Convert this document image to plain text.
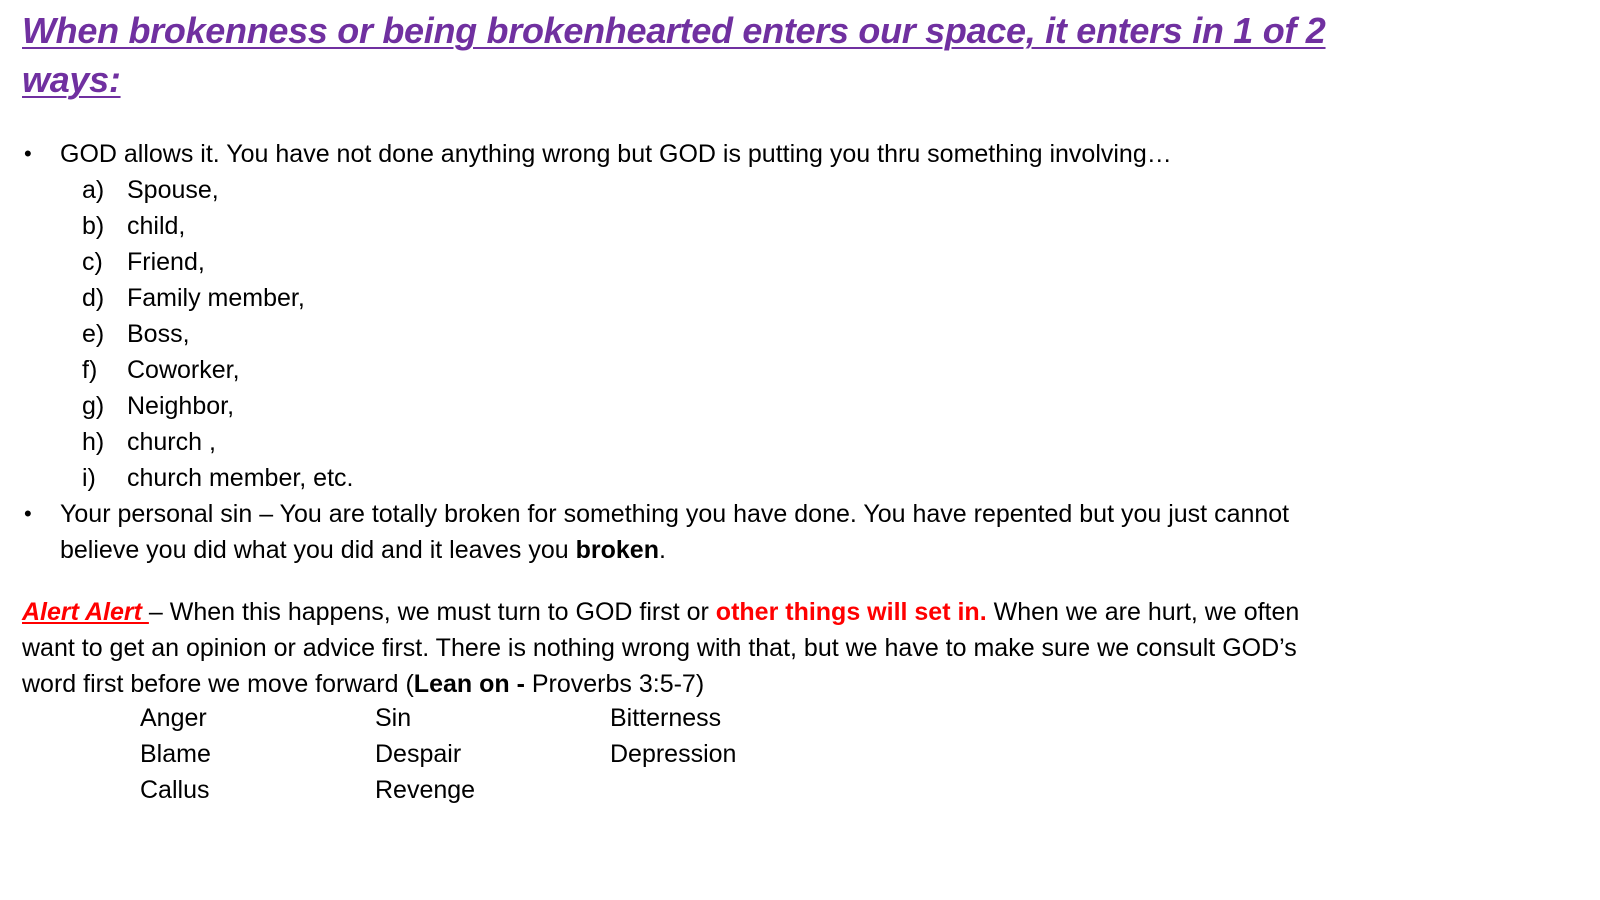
When brokenness or being brokenhearted enters our space, it enters in 1 of 2 ways:
• GOD allows it. You have not done anything wrong but GOD is putting you thru something involving…
a) Spouse,
b) child,
c) Friend,
d) Family member,
e) Boss,
f) Coworker,
g) Neighbor,
h) church ,
i) church member, etc.
• Your personal sin – You are totally broken for something you have done. You have repented but you just cannot believe you did what you did and it leaves you broken.

Alert Alert – When this happens, we must turn to GOD first or other things will set in. When we are hurt, we often want to get an opinion or advice first. There is nothing wrong with that, but we have to make sure we consult GOD’s word first before we move forward (Lean on - Proverbs 3:5-7)

Anger	Sin	Bitterness
Blame	Despair	Depression
Callus	Revenge
